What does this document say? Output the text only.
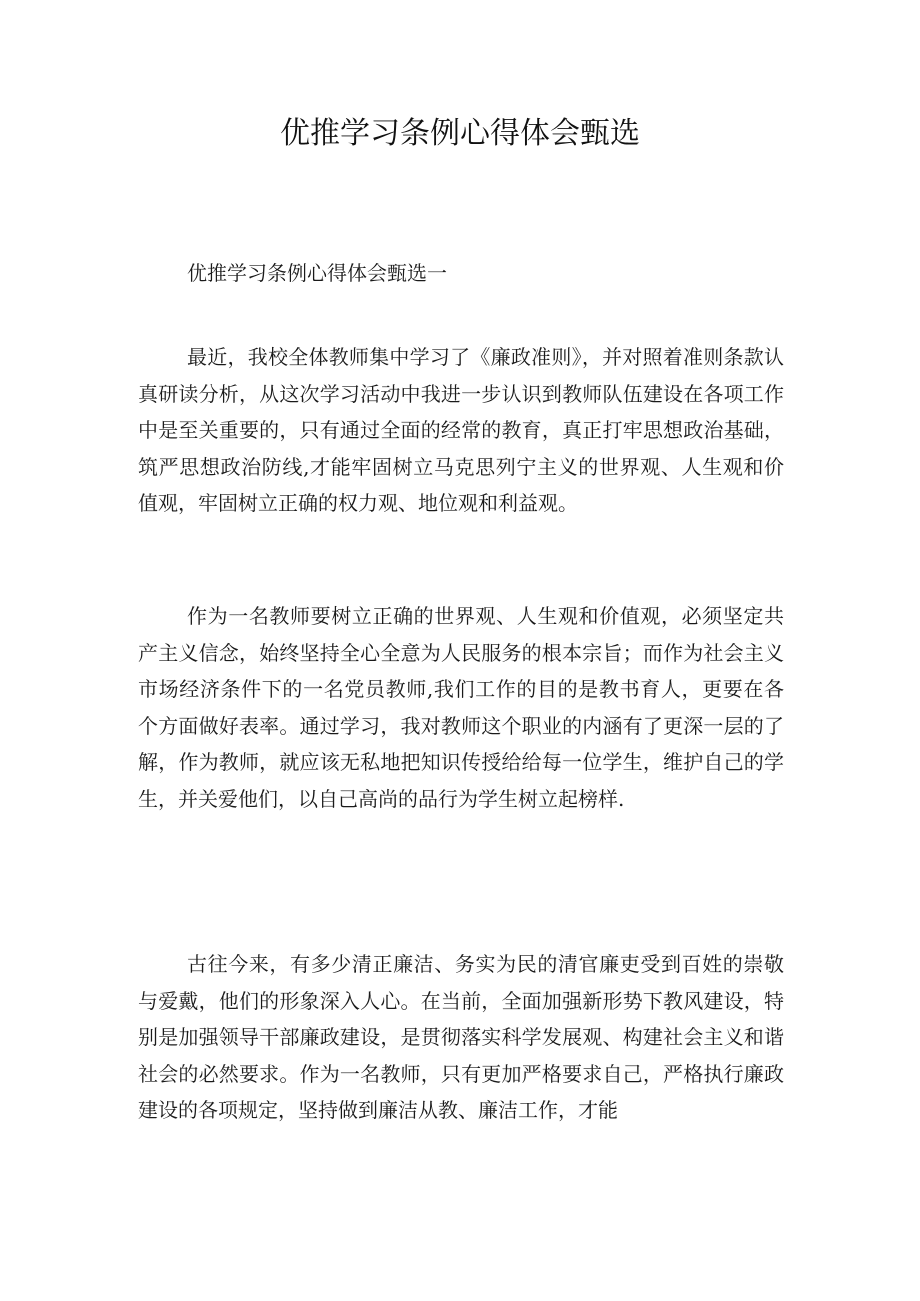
优推学习条例心得体会甄选

优推学习条例心得体会甄选一

最近，我校全体教师集中学习了《廉政准则》，并对照着准则条款认真研读分析，从这次学习活动中我进一步认识到教师队伍建设在各项工作中是至关重要的，只有通过全面的经常的教育，真正打牢思想政治基础，筑严思想政治防线,才能牢固树立马克思列宁主义的世界观、人生观和价值观，牢固树立正确的权力观、地位观和利益观。

作为一名教师要树立正确的世界观、人生观和价值观，必须坚定共产主义信念，始终坚持全心全意为人民服务的根本宗旨；而作为社会主义市场经济条件下的一名党员教师,我们工作的目的是教书育人，更要在各个方面做好表率。通过学习，我对教师这个职业的内涵有了更深一层的了解，作为教师，就应该无私地把知识传授给给每一位学生，维护自己的学生，并关爱他们，以自己高尚的品行为学生树立起榜样.

古往今来，有多少清正廉洁、务实为民的清官廉吏受到百姓的崇敬与爱戴，他们的形象深入人心。在当前，全面加强新形势下教风建设，特别是加强领导干部廉政建设，是贯彻落实科学发展观、构建社会主义和谐社会的必然要求。作为一名教师，只有更加严格要求自己，严格执行廉政建设的各项规定，坚持做到廉洁从教、廉洁工作，才能
